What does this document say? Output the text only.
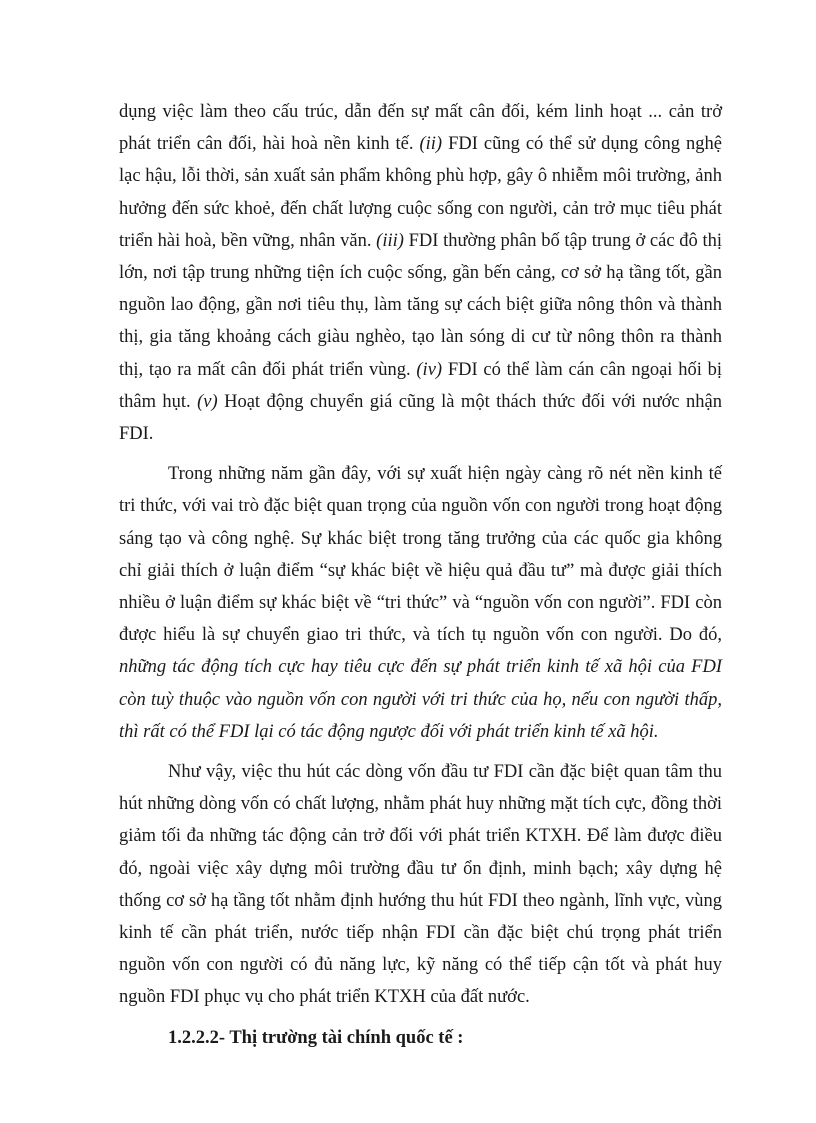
dụng việc làm theo cấu trúc, dẫn đến sự mất cân đối, kém linh hoạt ... cản trở phát triển cân đối, hài hoà nền kinh tế. (ii) FDI cũng có thể sử dụng công nghệ lạc hậu, lỗi thời, sản xuất sản phẩm không phù hợp, gây ô nhiễm môi trường, ảnh hưởng đến sức khoẻ, đến chất lượng cuộc sống con người, cản trở mục tiêu phát triển hài hoà, bền vững, nhân văn. (iii) FDI thường phân bố tập trung ở các đô thị lớn, nơi tập trung những tiện ích cuộc sống, gần bến cảng, cơ sở hạ tầng tốt, gần nguồn lao động, gần nơi tiêu thụ, làm tăng sự cách biệt giữa nông thôn và thành thị, gia tăng khoảng cách giàu nghèo, tạo làn sóng di cư từ nông thôn ra thành thị, tạo ra mất cân đối phát triển vùng. (iv) FDI có thể làm cán cân ngoại hối bị thâm hụt. (v) Hoạt động chuyển giá cũng là một thách thức đối với nước nhận FDI.

Trong những năm gần đây, với sự xuất hiện ngày càng rõ nét nền kinh tế tri thức, với vai trò đặc biệt quan trọng của nguồn vốn con người trong hoạt động sáng tạo và công nghệ. Sự khác biệt trong tăng trưởng của các quốc gia không chỉ giải thích ở luận điểm “sự khác biệt về hiệu quả đầu tư” mà được giải thích nhiều ở luận điểm sự khác biệt về “tri thức” và “nguồn vốn con người”. FDI còn được hiểu là sự chuyển giao tri thức, và tích tụ nguồn vốn con người. Do đó, những tác động tích cực hay tiêu cực đến sự phát triển kinh tế xã hội của FDI còn tuỳ thuộc vào nguồn vốn con người với tri thức của họ, nếu con người thấp, thì rất có thể FDI lại có tác động ngược đối với phát triển kinh tế xã hội.

Như vậy, việc thu hút các dòng vốn đầu tư FDI cần đặc biệt quan tâm thu hút những dòng vốn có chất lượng, nhằm phát huy những mặt tích cực, đồng thời giảm tối đa những tác động cản trở đối với phát triển KTXH. Để làm được điều đó, ngoài việc xây dựng môi trường đầu tư ổn định, minh bạch; xây dựng hệ thống cơ sở hạ tầng tốt nhằm định hướng thu hút FDI theo ngành, lĩnh vực, vùng kinh tế cần phát triển, nước tiếp nhận FDI cần đặc biệt chú trọng phát triển nguồn vốn con người có đủ năng lực, kỹ năng có thể tiếp cận tốt và phát huy nguồn FDI phục vụ cho phát triển KTXH của đất nước.

1.2.2.2- Thị trường tài chính quốc tế :
